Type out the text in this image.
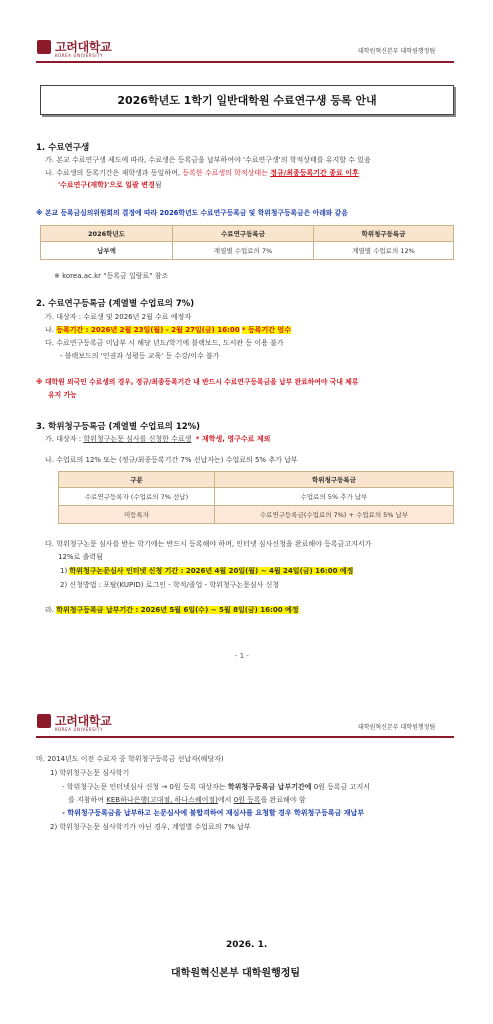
고려대학교
KOREA UNIVERSITY
대학원혁신본부 대학원행정팀
2026학년도 1학기 일반대학원 수료연구생 등록 안내
1. 수료연구생
가. 본교 수료연구생 제도에 따라, 수료생은 등록금을 납부하여야 '수료연구생'의 학적상태를 유지할 수 있음
나. 수료생의 등록기간은 재학생과 동일하며, 등록한 수료생의 학적상태는 정규/최종등록기간 종료 이후
'수료연구(재학)'으로 일괄 변경됨
※ 본교 등록금심의위원회의 결정에 따라 2026학년도 수료연구등록금 및 학위청구등록금은 아래와 같음
2026학년도	수료연구등록금	학위청구등록금
납부액	계열별 수업료의 7%	계열별 수업료의 12%
※ korea.ac.kr "등록금 일람표" 참조
2. 수료연구등록금 (계열별 수업료의 7%)
가. 대상자 : 수료생 및 2026년 2월 수료 예정자
나. 등록기간 : 2026년 2월 23일(월) - 2월 27일(금) 16:00 * 등록기간 엄수
다. 수료연구등록금 미납부 시 해당 년도/학기에 블랙보드, 도서관 등 이용 불가
- 블랙보드의 '인권과 성평등 교육' 등 수강/이수 불가
※ 대학원 외국인 수료생의 경우, 정규/최종등록기간 내 반드시 수료연구등록금을 납부 완료하여야 국내 체류
유지 가능
3. 학위청구등록금 (계열별 수업료의 12%)
가. 대상자 : 학위청구논문 심사를 신청한 수료생 * 재학생, 영구수료 제외
나. 수업료의 12% 또는 (정규/최종등록기간 7% 선납자는) 수업료의 5% 추가 납부
구분	학위청구등록금
수료연구등록자 (수업료의 7% 선납)	수업료의 5% 추가 납부
미등록자	수료연구등록금(수업료의 7%) + 수업료의 5% 납부
다. 학위청구논문 심사를 받는 학기에는 반드시 등록해야 하며, 인터넷 심사신청을 완료해야 등록금고지서가
12%로 출력됨
1) 학위청구논문심사 인터넷 신청 기간 : 2026년 4월 20일(월) ~ 4월 24일(금) 16:00 예정
2) 신청방법 : 포탈(KUPID) 로그인 - 학적/졸업 - 학위청구논문심사 신청
라. 학위청구등록금 납부기간 : 2026년 5월 6일(수) ~ 5월 8일(금) 16:00 예정
- 1 -
고려대학교
KOREA UNIVERSITY	대학원혁신본부 대학원행정팀
마. 2014년도 이전 수료자 중 학위청구등록금 선납자(해당자)
1) 학위청구논문 심사학기
- 학위청구논문 인터넷심사 신청 → 0원 등록 대상자는 학위청구등록금 납부기간에 0원 등록금 고지서
를 지참하여 KEB하나은행(고대점, 하나스퀘어점)에서 0원 등록을 완료해야 함
- 학위청구등록금을 납부하고 논문심사에 불합격하여 재심사를 요청할 경우 학위청구등록금 재납부
2) 학위청구논문 심사학기가 아닌 경우, 계열별 수업료의 7% 납부
2026. 1.
대학원혁신본부 대학원행정팀
